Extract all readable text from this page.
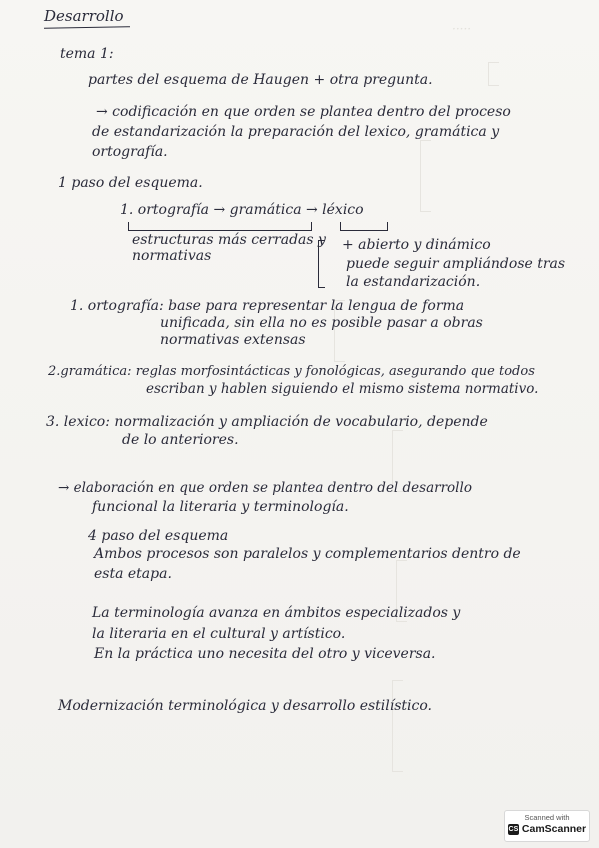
·····
Desarrollo
tema 1:
partes del esquema de Haugen + otra pregunta.
→ codificación en que orden se plantea dentro del proceso
de estandarización la preparación del lexico, gramática y
ortografía.
1 paso del esquema.
1. ortografía → gramática → léxico
estructuras más cerradas y
normativas
+ abierto y dinámico
puede seguir ampliándose tras
la estandarización.
1. ortografía: base para representar la lengua de forma
unificada, sin ella no es posible pasar a obras
normativas extensas
2.gramática: reglas morfosintácticas y fonológicas, asegurando que todos
escriban y hablen siguiendo el mismo sistema normativo.
3. lexico: normalización y ampliación de vocabulario, depende
de lo anteriores.
→ elaboración en que orden se plantea dentro del desarrollo
funcional la literaria y terminología.
4 paso del esquema
Ambos procesos son paralelos y complementarios dentro de
esta etapa.
La terminología avanza en ámbitos especializados y
la literaria en el cultural y artístico.
En la práctica uno necesita del otro y viceversa.
Modernización terminológica y desarrollo estilístico.
Scanned with
CS CamScanner
